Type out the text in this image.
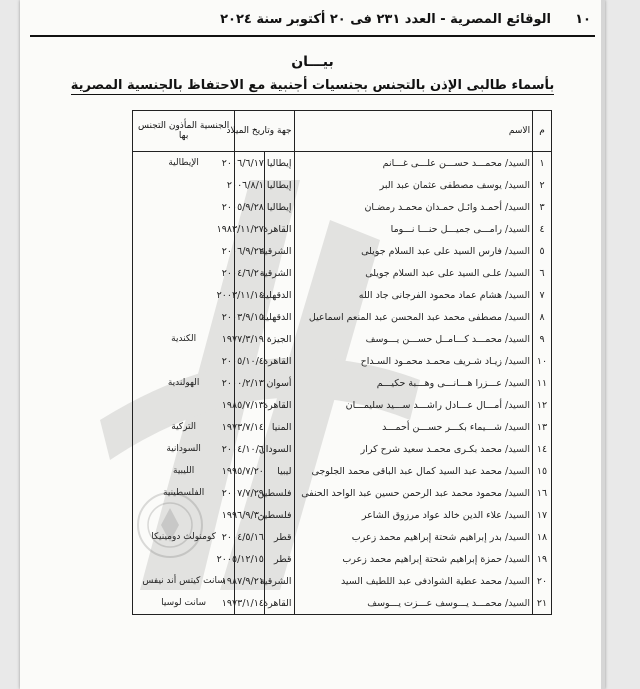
١٠
الوقائع المصرية - العدد ٢٣١ فى ٢٠ أكتوبر سنة ٢٠٢٤
بيـــان
بأسماء طالبى الإذن بالتجنس بجنسيات أجنبية مع الاحتفاظ بالجنسية المصرية
م	الاسم	جهة وتاريخ الميلاد		الجنسية المأذون التجنس بها
١	السيد/ محمـــد حســـن علـــى غـــانم	إيطاليا	٢٠٠٦/٦/١٧	الإيطالية
٢	السيد/ يوسف مصطفى عثمان عبد البر	إيطاليا	٢٠٠٦/٨/١	
٣	السيد/ أحمـد وائـل حمـدان محمـد رمضـان	إيطاليا	٢٠٠٥/٩/٢٨	
٤	السيد/ رامـــى جميـــل حنـــا نـــوما	القاهرة	١٩٨٣/١١/٢٧	
٥	السيد/ فارس السيد على عبد السلام جويلى	الشرقية	٢٠٠٦/٩/٢٢	
٦	السيد/ علـى السيد على عبد السلام جويلى	الشرقية	٢٠٠٤/٦/٢٠	
٧	السيد/ هشام عماد محمود الفرجانى جاد الله	الدقهلية	٢٠٠٣/١١/١٤	
٨	السيد/ مصطفى محمد عبد المحسن عبد المنعم اسماعيل	الدقهلية	٢٠٠٣/٩/١٥	
٩	السيد/ محمـــد كـــامــل حســـن يـــوسف	الجيزة	١٩٧٧/٣/١٩	الكندية
١٠	السيد/ زيـاد شـريف محمـد محمـود السـداح	القاهرة	٢٠٠٥/١٠/٤	
١١	السيد/ عـــزرا هـــانـــى وهـــبة حكيـــم	أسوان	٢٠٠٠/٢/١٣	الهولندية
١٢	السيد/ أمـــال عـــادل راشـــد ســـيد سليمـــان	القاهرة	١٩٨٥/٧/١٣	
١٣	السيد/ شـــيماء بكـــر حســـن أحمـــد	المنيا	١٩٧٣/٧/١٤	التركية
١٤	السيد/ محمد بكـرى محمـد سعيد شرح كرار	السودان	٢٠٠٤/١٠/٦	السودانية
١٥	السيد/ محمد عبد السيد كمال عبد الباقى محمد الجلوجى	ليبيا	١٩٩٥/٧/٢٠	الليبية
١٦	السيد/ محمود محمد عبد الرحمن حسين عبد الواحد الحنفى	فلسطين	٢٠٠٧/٧/٢٩	الفلسطينية
١٧	السيد/ علاء الدين خالد عواد مرزوق الشاعر	فلسطين	١٩٩٦/٩/٣٠	
١٨	السيد/ بدر إبراهيم شحتة إبراهيم محمد زعرب	قطر	٢٠٠٤/٥/١٦	كومنولث دومينيكا
١٩	السيد/ حمزة إبراهيم شحتة إبراهيم محمد زعرب	قطر	٢٠٠٥/١٢/١٥	
٢٠	السيد/ محمد عطية الشوادفى عبد اللطيف السيد	الشرقية	١٩٨٧/٩/٢١	سانت كيتس أند نيفس
٢١	السيد/ محمـــد يـــوسف عـــزت يـــوسف	القاهرة	١٩٧٣/١/١٤	سانت لوسيا
